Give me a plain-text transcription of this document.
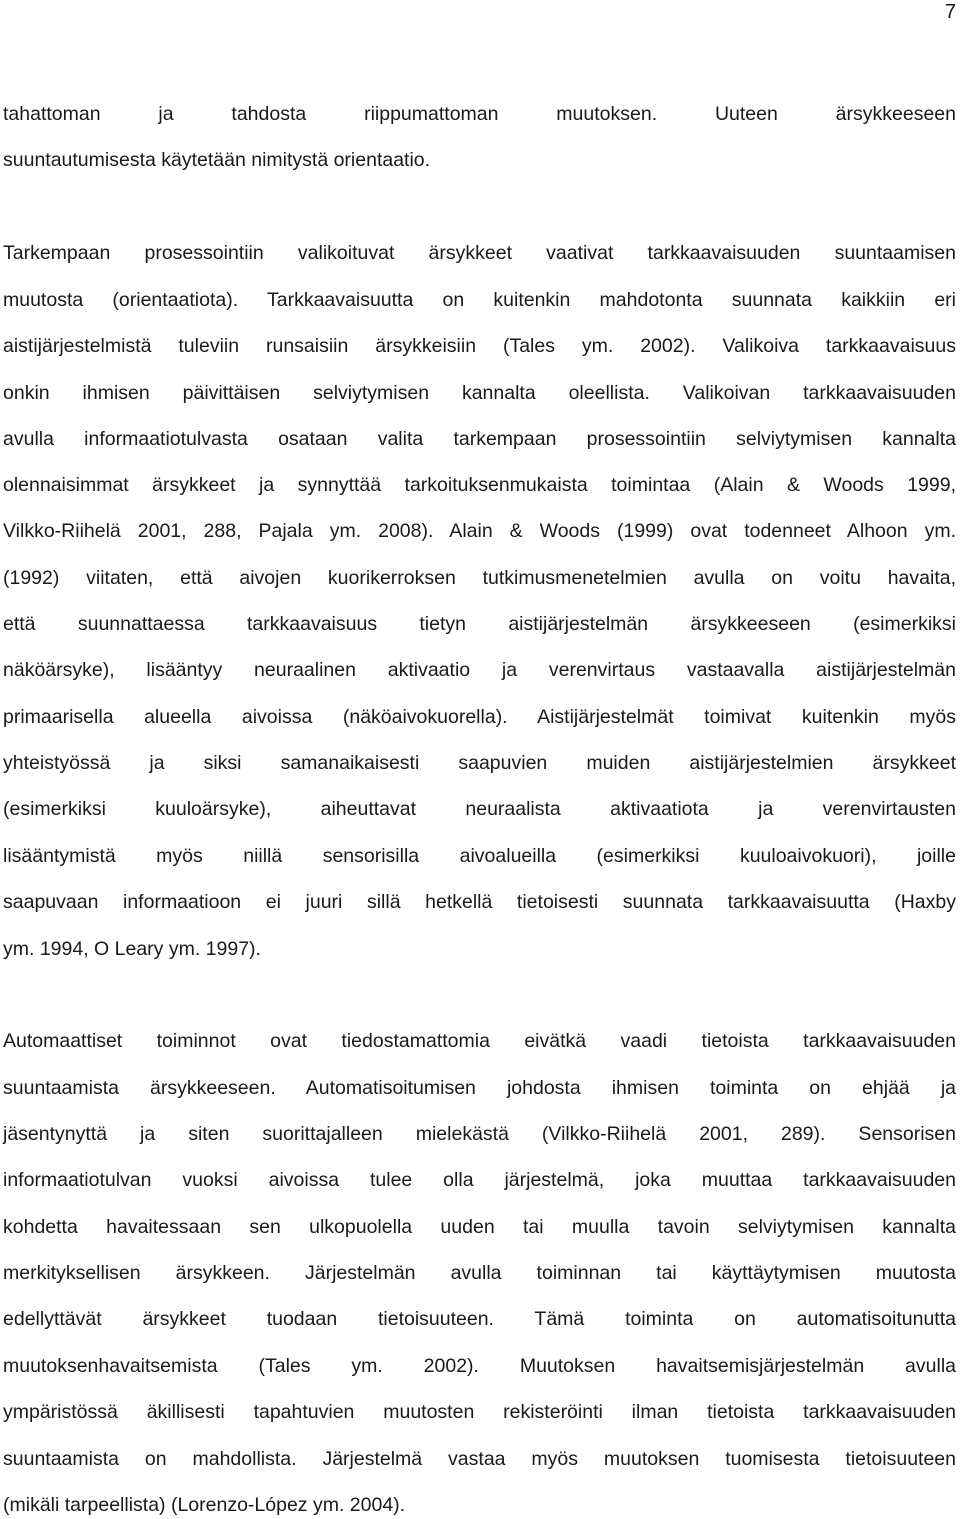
7
tahattoman ja tahdosta riippumattoman muutoksen. Uuteen ärsykkeeseen
suuntautumisesta käytetään nimitystä orientaatio.
Tarkempaan prosessointiin valikoituvat ärsykkeet vaativat tarkkaavaisuuden suuntaamisen
muutosta (orientaatiota). Tarkkaavaisuutta on kuitenkin mahdotonta suunnata kaikkiin eri
aistijärjestelmistä tuleviin runsaisiin ärsykkeisiin (Tales ym. 2002). Valikoiva tarkkaavaisuus
onkin ihmisen päivittäisen selviytymisen kannalta oleellista. Valikoivan tarkkaavaisuuden
avulla informaatiotulvasta osataan valita tarkempaan prosessointiin selviytymisen kannalta
olennaisimmat ärsykkeet ja synnyttää tarkoituksenmukaista toimintaa (Alain & Woods 1999,
Vilkko-Riihelä 2001, 288, Pajala ym. 2008). Alain & Woods (1999) ovat todenneet Alhoon ym.
(1992) viitaten, että aivojen kuorikerroksen tutkimusmenetelmien avulla on voitu havaita,
että suunnattaessa tarkkaavaisuus tietyn aistijärjestelmän ärsykkeeseen (esimerkiksi
näköärsyke), lisääntyy neuraalinen aktivaatio ja verenvirtaus vastaavalla aistijärjestelmän
primaarisella alueella aivoissa (näköaivokuorella). Aistijärjestelmät toimivat kuitenkin myös
yhteistyössä ja siksi samanaikaisesti saapuvien muiden aistijärjestelmien ärsykkeet
(esimerkiksi kuuloärsyke), aiheuttavat neuraalista aktivaatiota ja verenvirtausten
lisääntymistä myös niillä sensorisilla aivoalueilla (esimerkiksi kuuloaivokuori), joille
saapuvaan informaatioon ei juuri sillä hetkellä tietoisesti suunnata tarkkaavaisuutta (Haxby
ym. 1994, O Leary ym. 1997).
Automaattiset toiminnot ovat tiedostamattomia eivätkä vaadi tietoista tarkkaavaisuuden
suuntaamista ärsykkeeseen. Automatisoitumisen johdosta ihmisen toiminta on ehjää ja
jäsentynyttä ja siten suorittajalleen mielekästä (Vilkko-Riihelä 2001, 289). Sensorisen
informaatiotulvan vuoksi aivoissa tulee olla järjestelmä, joka muuttaa tarkkaavaisuuden
kohdetta havaitessaan sen ulkopuolella uuden tai muulla tavoin selviytymisen kannalta
merkityksellisen ärsykkeen. Järjestelmän avulla toiminnan tai käyttäytymisen muutosta
edellyttävät ärsykkeet tuodaan tietoisuuteen. Tämä toiminta on automatisoitunutta
muutoksenhavaitsemista (Tales ym. 2002). Muutoksen havaitsemisjärjestelmän avulla
ympäristössä äkillisesti tapahtuvien muutosten rekisteröinti ilman tietoista tarkkaavaisuuden
suuntaamista on mahdollista. Järjestelmä vastaa myös muutoksen tuomisesta tietoisuuteen
(mikäli tarpeellista) (Lorenzo-López ym. 2004).
